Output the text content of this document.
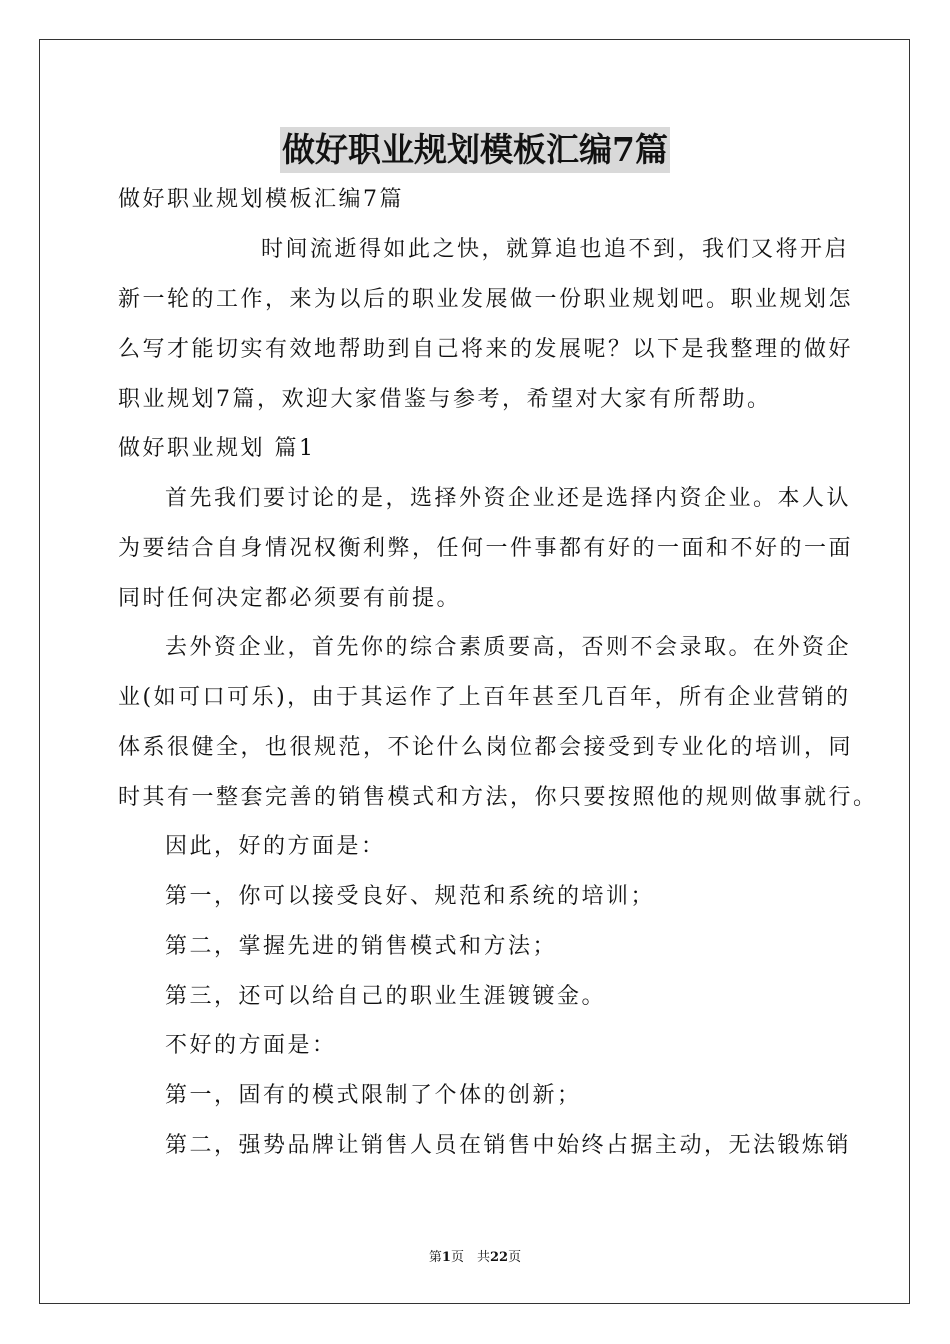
做好职业规划模板汇编7篇
做好职业规划模板汇编7篇
时间流逝得如此之快，就算追也追不到，我们又将开启
新一轮的工作，来为以后的职业发展做一份职业规划吧。职业规划怎
么写才能切实有效地帮助到自己将来的发展呢？以下是我整理的做好
职业规划7篇，欢迎大家借鉴与参考，希望对大家有所帮助。
做好职业规划 篇1
首先我们要讨论的是，选择外资企业还是选择内资企业。本人认
为要结合自身情况权衡利弊，任何一件事都有好的一面和不好的一面
同时任何决定都必须要有前提。
去外资企业，首先你的综合素质要高，否则不会录取。在外资企
业(如可口可乐)，由于其运作了上百年甚至几百年，所有企业营销的
体系很健全，也很规范，不论什么岗位都会接受到专业化的培训，同
时其有一整套完善的销售模式和方法，你只要按照他的规则做事就行。
因此，好的方面是：
第一，你可以接受良好、规范和系统的培训；
第二，掌握先进的销售模式和方法；
第三，还可以给自己的职业生涯镀镀金。
不好的方面是：
第一，固有的模式限制了个体的创新；
第二，强势品牌让销售人员在销售中始终占据主动，无法锻炼销
第1页　共22页
